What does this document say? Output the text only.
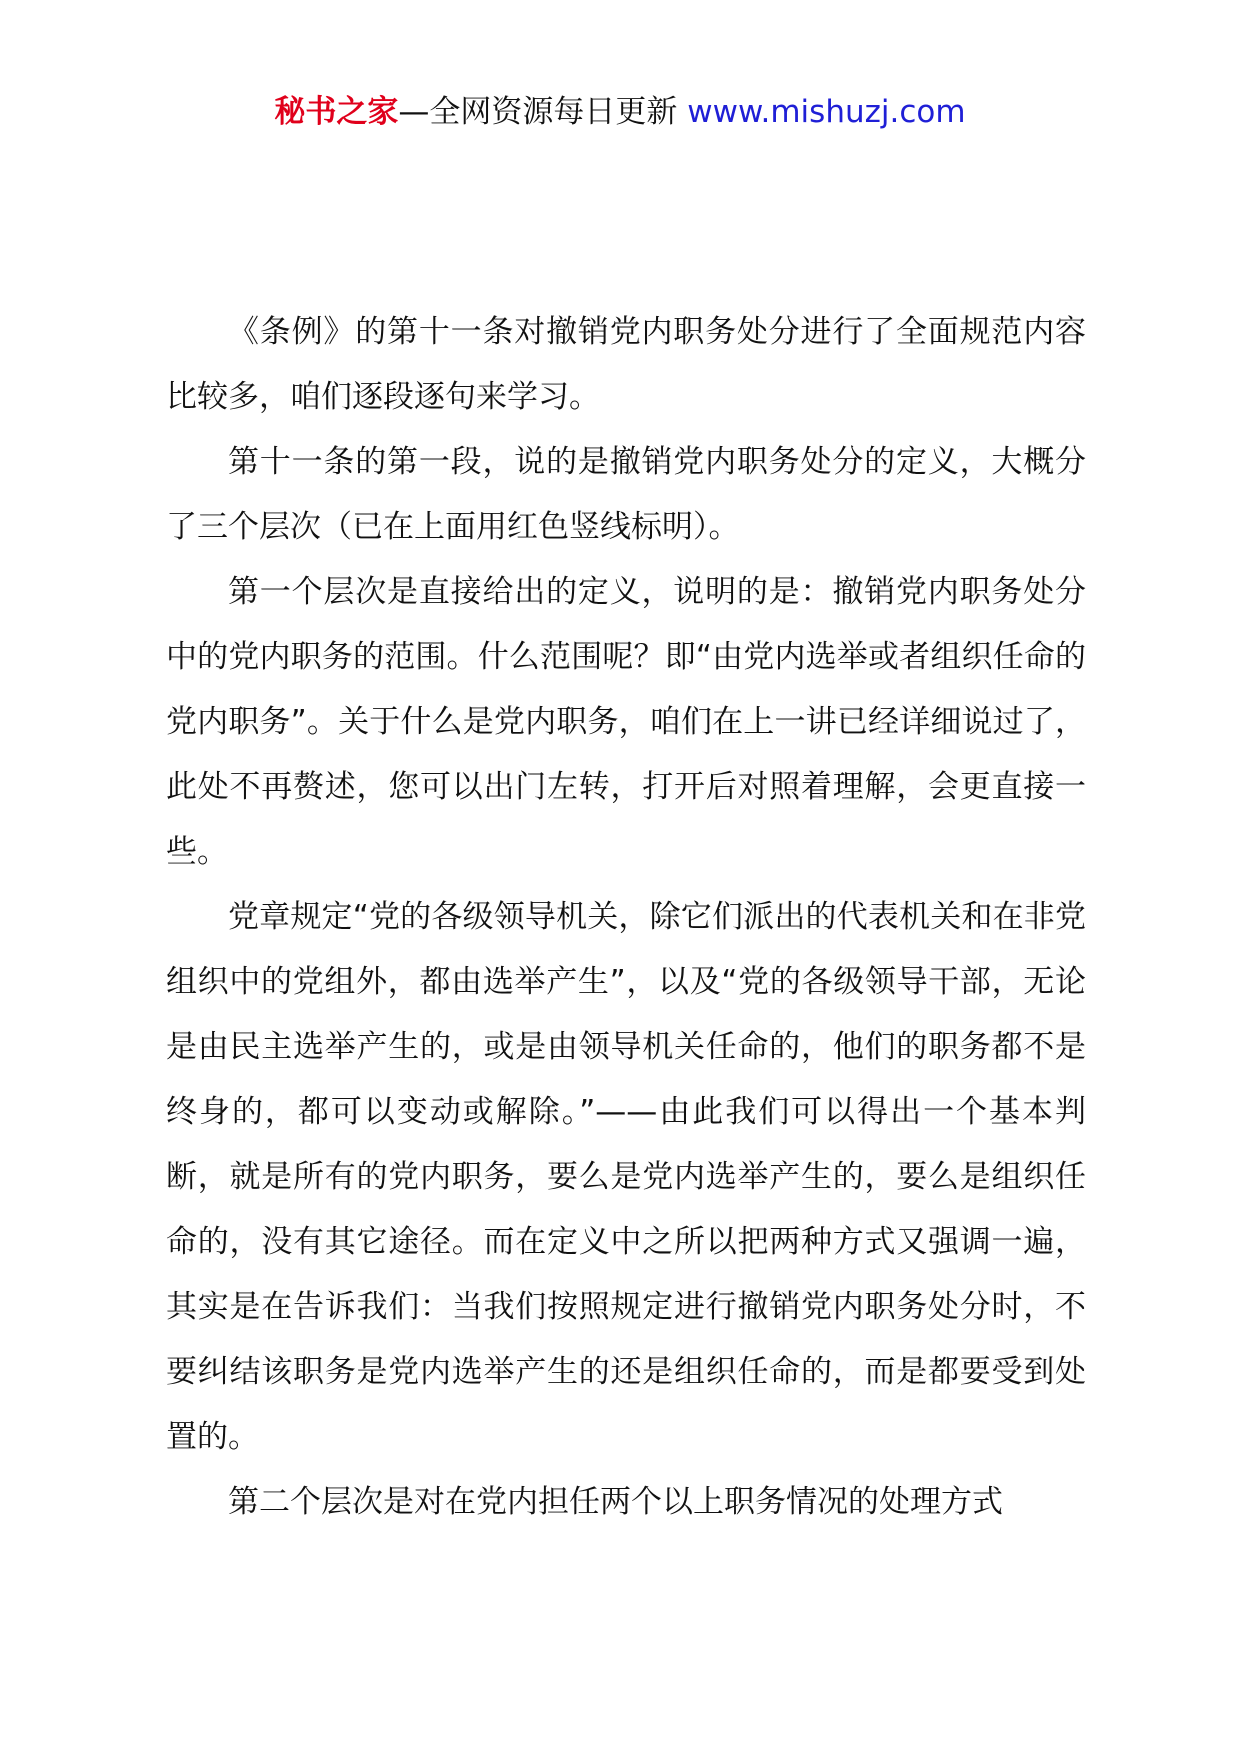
秘书之家—全网资源每日更新 www.mishuzj.com

《条例》的第十一条对撤销党内职务处分进行了全面规范内容比较多，咱们逐段逐句来学习。

第十一条的第一段，说的是撤销党内职务处分的定义，大概分了三个层次（已在上面用红色竖线标明）。

第一个层次是直接给出的定义，说明的是：撤销党内职务处分中的党内职务的范围。什么范围呢？即“由党内选举或者组织任命的党内职务”。关于什么是党内职务，咱们在上一讲已经详细说过了，此处不再赘述，您可以出门左转，打开后对照着理解，会更直接一些。

党章规定“党的各级领导机关，除它们派出的代表机关和在非党组织中的党组外，都由选举产生”，以及“党的各级领导干部，无论是由民主选举产生的，或是由领导机关任命的，他们的职务都不是终身的，都可以变动或解除。”——由此我们可以得出一个基本判断，就是所有的党内职务，要么是党内选举产生的，要么是组织任命的，没有其它途径。而在定义中之所以把两种方式又强调一遍，其实是在告诉我们：当我们按照规定进行撤销党内职务处分时，不要纠结该职务是党内选举产生的还是组织任命的，而是都要受到处置的。

第二个层次是对在党内担任两个以上职务情况的处理方式
